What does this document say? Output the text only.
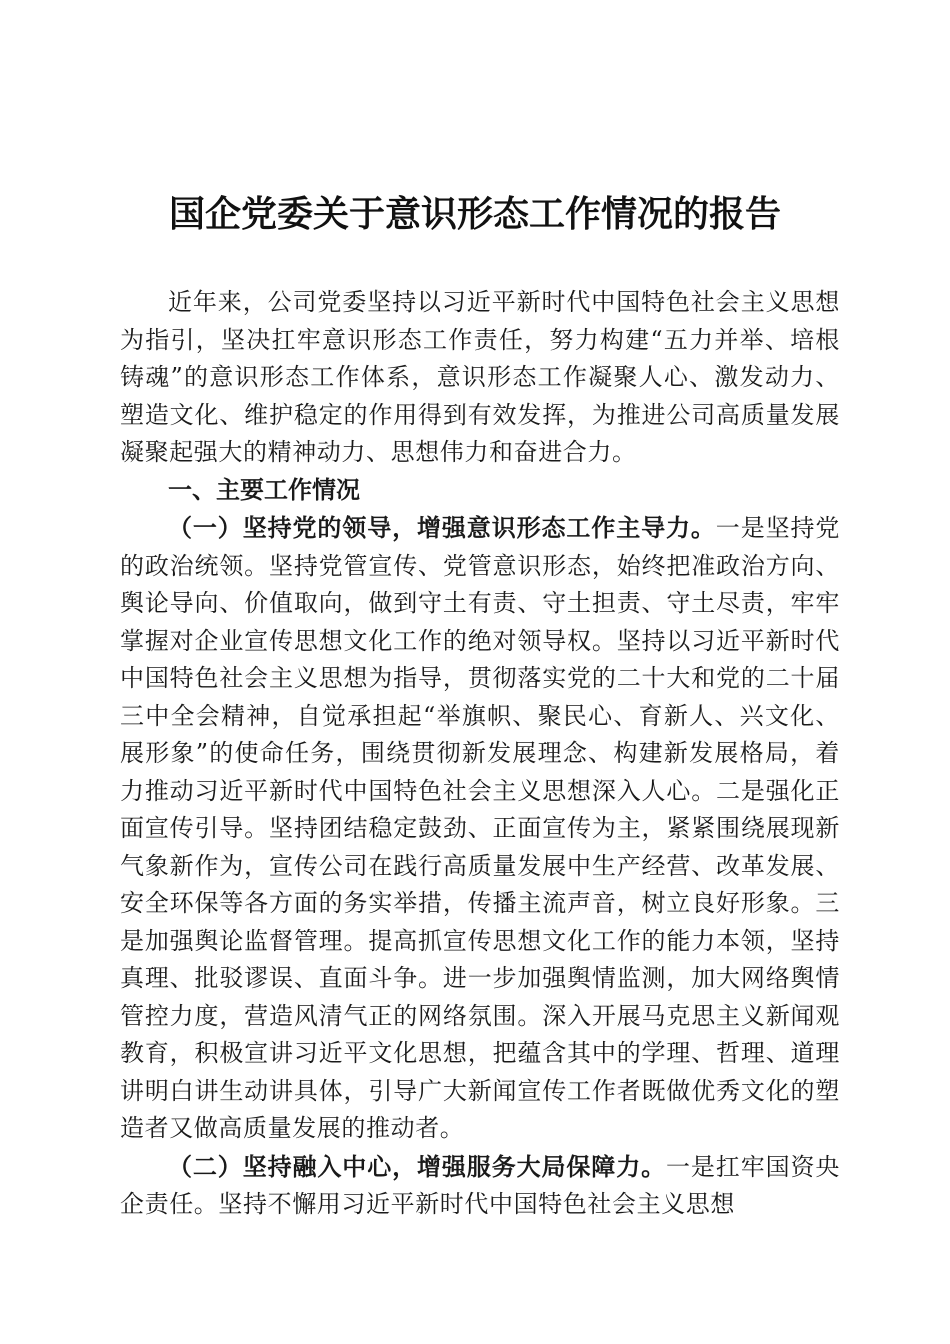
国企党委关于意识形态工作情况的报告

近年来，公司党委坚持以习近平新时代中国特色社会主义思想为指引，坚决扛牢意识形态工作责任，努力构建“五力并举、培根铸魂”的意识形态工作体系，意识形态工作凝聚人心、激发动力、塑造文化、维护稳定的作用得到有效发挥，为推进公司高质量发展凝聚起强大的精神动力、思想伟力和奋进合力。

一、主要工作情况

（一）坚持党的领导，增强意识形态工作主导力。一是坚持党的政治统领。坚持党管宣传、党管意识形态，始终把准政治方向、舆论导向、价值取向，做到守土有责、守土担责、守土尽责，牢牢掌握对企业宣传思想文化工作的绝对领导权。坚持以习近平新时代中国特色社会主义思想为指导，贯彻落实党的二十大和党的二十届三中全会精神，自觉承担起“举旗帜、聚民心、育新人、兴文化、展形象”的使命任务，围绕贯彻新发展理念、构建新发展格局，着力推动习近平新时代中国特色社会主义思想深入人心。二是强化正面宣传引导。坚持团结稳定鼓劲、正面宣传为主，紧紧围绕展现新气象新作为，宣传公司在践行高质量发展中生产经营、改革发展、安全环保等各方面的务实举措，传播主流声音，树立良好形象。三是加强舆论监督管理。提高抓宣传思想文化工作的能力本领，坚持真理、批驳谬误、直面斗争。进一步加强舆情监测，加大网络舆情管控力度，营造风清气正的网络氛围。深入开展马克思主义新闻观教育，积极宣讲习近平文化思想，把蕴含其中的学理、哲理、道理讲明白讲生动讲具体，引导广大新闻宣传工作者既做优秀文化的塑造者又做高质量发展的推动者。

（二）坚持融入中心，增强服务大局保障力。一是扛牢国资央企责任。坚持不懈用习近平新时代中国特色社会主义思想
